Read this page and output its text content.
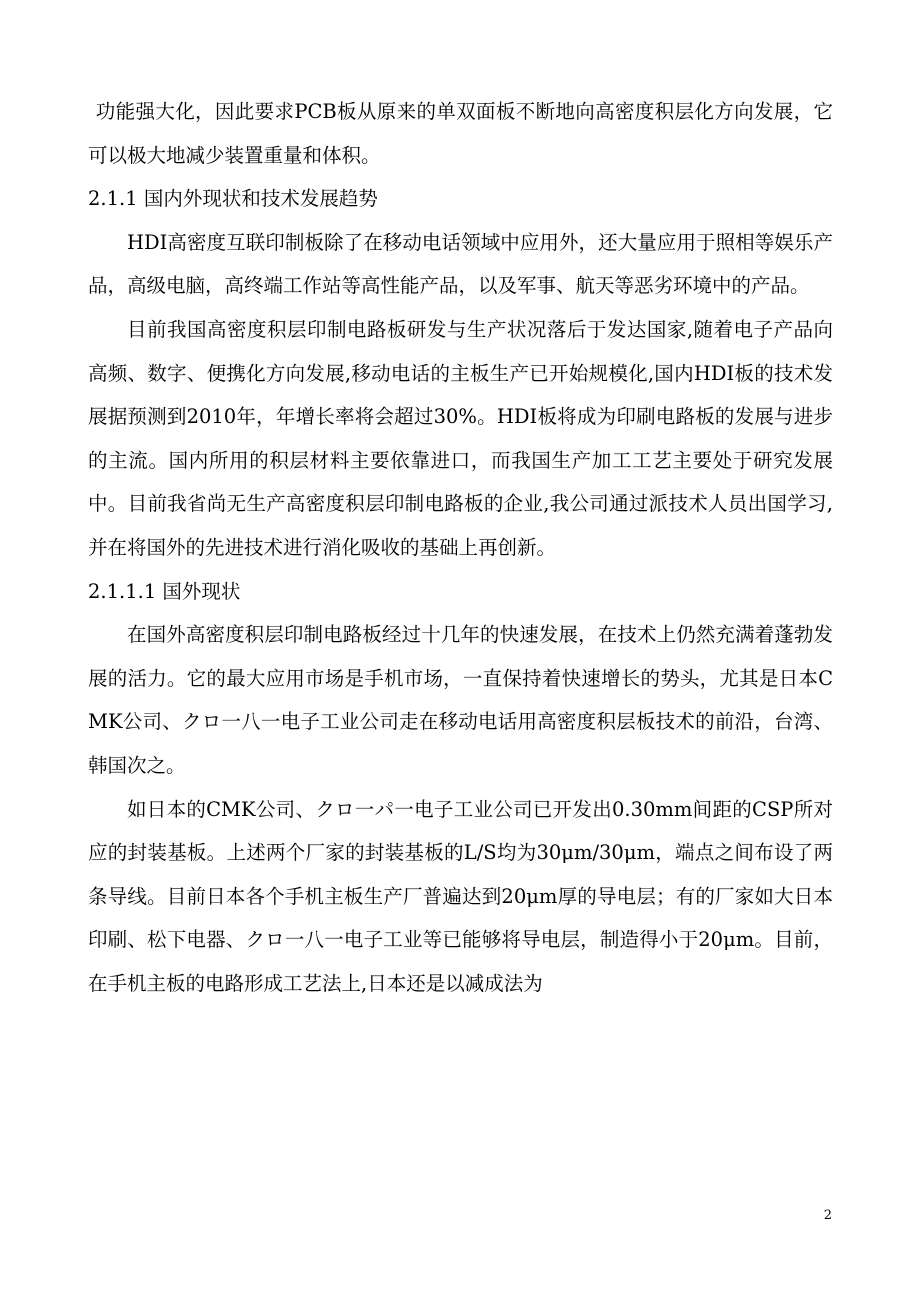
功能强大化，因此要求PCB板从原来的单双面板不断地向高密度积层化方向发展，它可以极大地减少装置重量和体积。

2.1.1 国内外现状和技术发展趋势

HDI高密度互联印制板除了在移动电话领域中应用外，还大量应用于照相等娱乐产品，高级电脑，高终端工作站等高性能产品，以及军事、航天等恶劣环境中的产品。

目前我国高密度积层印制电路板研发与生产状况落后于发达国家,随着电子产品向高频、数字、便携化方向发展,移动电话的主板生产已开始规模化,国内HDI板的技术发展据预测到2010年，年增长率将会超过30%。HDI板将成为印刷电路板的发展与进步的主流。国内所用的积层材料主要依靠进口，而我国生产加工工艺主要处于研究发展中。目前我省尚无生产高密度积层印制电路板的企业,我公司通过派技术人员出国学习,并在将国外的先进技术进行消化吸收的基础上再创新。

2.1.1.1 国外现状

在国外高密度积层印制电路板经过十几年的快速发展，在技术上仍然充满着蓬勃发展的活力。它的最大应用市场是手机市场，一直保持着快速增长的势头，尤其是日本CMK公司、クロ一八一电子工业公司走在移动电话用高密度积层板技术的前沿，台湾、韩国次之。

如日本的CMK公司、クロ一パ一电子工业公司已开发出0.30mm间距的CSP所对应的封装基板。上述两个厂家的封装基板的L/S均为30μm/30μm，端点之间布设了两条导线。目前日本各个手机主板生产厂普遍达到20μm厚的导电层；有的厂家如大日本印刷、松下电器、クロ一八一电子工业等已能够将导电层，制造得小于20μm。目前，在手机主板的电路形成工艺法上,日本还是以减成法为

2
